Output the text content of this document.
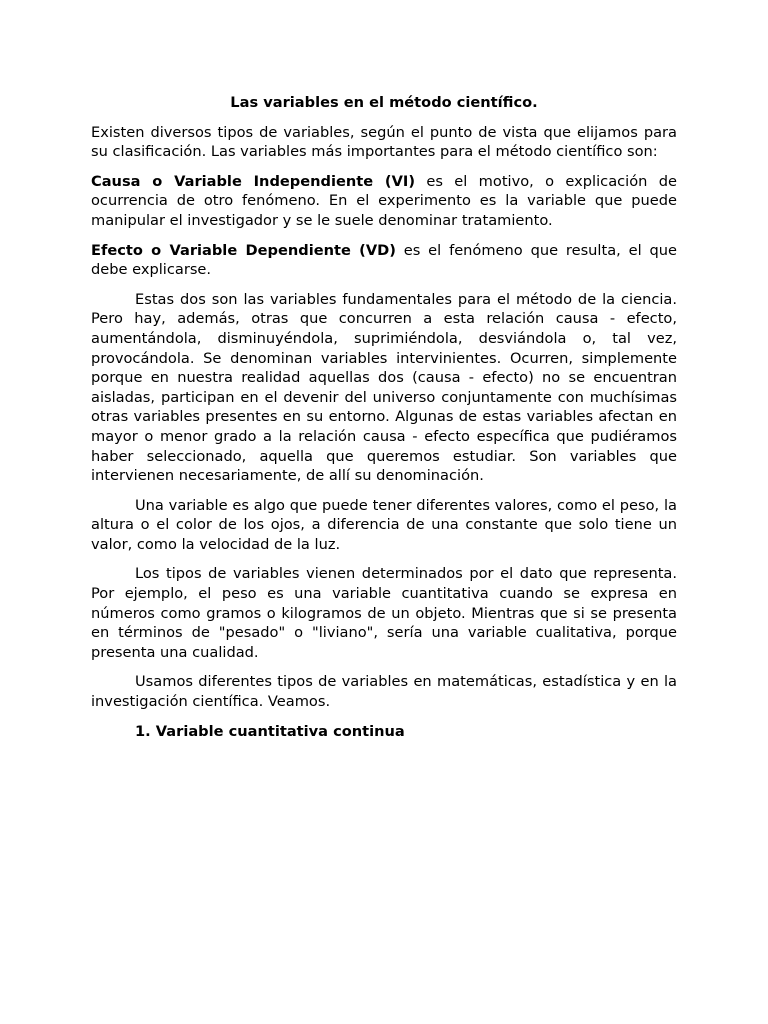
Las variables en el método científico.

Existen diversos tipos de variables, según el punto de vista que elijamos para su clasificación. Las variables más importantes para el método científico son:

Causa o Variable Independiente (VI) es el motivo, o explicación de ocurrencia de otro fenómeno. En el experimento es la variable que puede manipular el investigador y se le suele denominar tratamiento.

Efecto o Variable Dependiente (VD) es el fenómeno que resulta, el que debe explicarse.

Estas dos son las variables fundamentales para el método de la ciencia. Pero hay, además, otras que concurren a esta relación causa - efecto, aumentándola, disminuyéndola, suprimiéndola, desviándola o, tal vez, provocándola. Se denominan variables intervinientes. Ocurren, simplemente porque en nuestra realidad aquellas dos (causa - efecto) no se encuentran aisladas, participan en el devenir del universo conjuntamente con muchísimas otras variables presentes en su entorno. Algunas de estas variables afectan en mayor o menor grado a la relación causa - efecto específica que pudiéramos haber seleccionado, aquella que queremos estudiar. Son variables que intervienen necesariamente, de allí su denominación.

Una variable es algo que puede tener diferentes valores, como el peso, la altura o el color de los ojos, a diferencia de una constante que solo tiene un valor, como la velocidad de la luz.

Los tipos de variables vienen determinados por el dato que representa. Por ejemplo, el peso es una variable cuantitativa cuando se expresa en números como gramos o kilogramos de un objeto. Mientras que si se presenta en términos de "pesado" o "liviano", sería una variable cualitativa, porque presenta una cualidad.

Usamos diferentes tipos de variables en matemáticas, estadística y en la investigación científica. Veamos.

1. Variable cuantitativa continua
